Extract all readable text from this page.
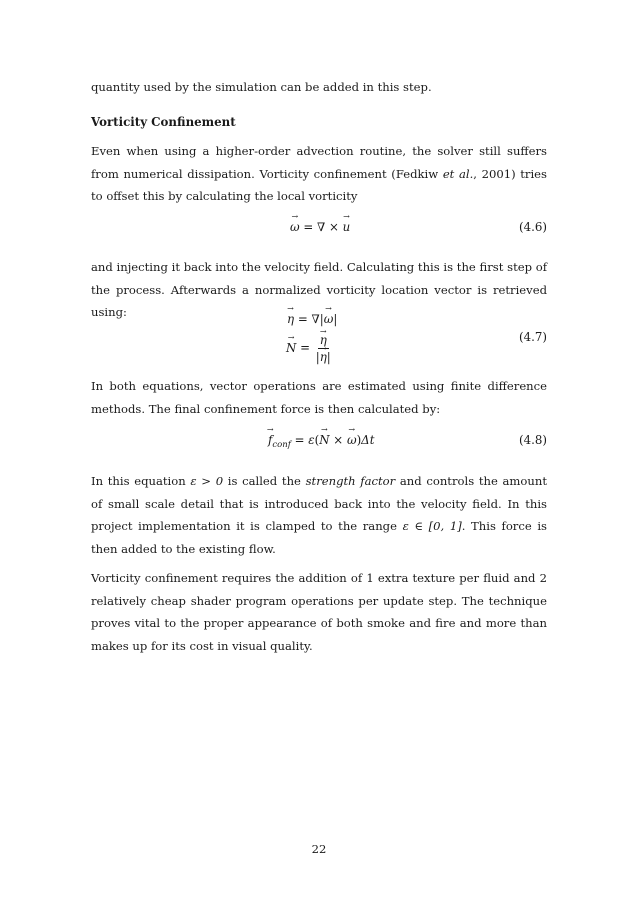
quantity used by the simulation can be added in this step.

Vorticity Confinement

Even when using a higher-order advection routine, the solver still suffers from numerical dissipation. Vorticity confinement (Fedkiw et al., 2001) tries to offset this by calculating the local vorticity

→ ω = ∇ × → u	(4.6)

and injecting it back into the velocity field. Calculating this is the first step of the process. Afterwards a normalized vorticity location vector is retrieved using:	→ η = ∇|→ ω|
→ N = → $\frac{\eta}{|\to \eta|}$	(4.7)

In both equations, vector operations are estimated using finite difference methods. The final confinement force is then calculated by:

→ $f_{conf} = \varepsilon(\to N$ × → ω)Δt	(4.8)

In this equation ε > 0 is called the strength factor and controls the amount of small scale detail that is introduced back into the velocity field. In this project implementation it is clamped to the range ε ∈ [0, 1]. This force is then added to the existing flow.

Vorticity confinement requires the addition of 1 extra texture per fluid and 2 relatively cheap shader program operations per update step. The technique proves vital to the proper appearance of both smoke and fire and more than makes up for its cost in visual quality.

22
